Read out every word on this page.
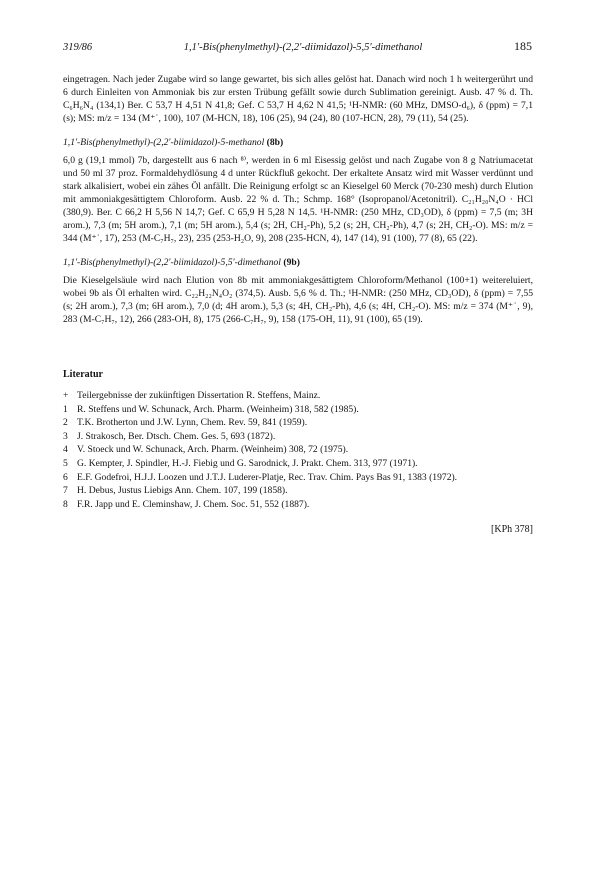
319/86	1,1'-Bis(phenylmethyl)-(2,2'-diimidazol)-5,5'-dimethanol	185

eingetragen. Nach jeder Zugabe wird so lange gewartet, bis sich alles gelöst hat. Danach wird noch 1 h weitergerührt und 6 durch Einleiten von Ammoniak bis zur ersten Trübung gefällt sowie durch Sublimation gereinigt. Ausb. 47 % d. Th. C₆H₆N₄ (134,1) Ber. C 53,7 H 4,51 N 41,8; Gef. C 53,7 H 4,62 N 41,5; ¹H-NMR: (60 MHz, DMSO-d₆), δ (ppm) = 7,1 (s); MS: m/z = 134 (M⁺˙, 100), 107 (M-HCN, 18), 106 (25), 94 (24), 80 (107-HCN, 28), 79 (11), 54 (25).

1,1'-Bis(phenylmethyl)-(2,2'-biimidazol)-5-methanol (8b)

6,0 g (19,1 mmol) 7b, dargestellt aus 6 nach ⁸⁾, werden in 6 ml Eisessig gelöst und nach Zugabe von 8 g Natriumacetat und 50 ml 37 proz. Formaldehydlösung 4 d unter Rückfluß gekocht. Der erkaltete Ansatz wird mit Wasser verdünnt und stark alkalisiert, wobei ein zähes Öl anfällt. Die Reinigung erfolgt sc an Kieselgel 60 Merck (70-230 mesh) durch Elution mit ammoniakgesättigtem Chloroform. Ausb. 22 % d. Th.; Schmp. 168° (Isopropanol/Acetonitril). C₂₁H₂₀N₄O · HCl (380,9). Ber. C 66,2 H 5,56 N 14,7; Gef. C 65,9 H 5,28 N 14,5. ¹H-NMR: (250 MHz, CD₃OD), δ (ppm) = 7,5 (m; 3H arom.), 7,3 (m; 5H arom.), 7,1 (m; 5H arom.), 5,4 (s; 2H, CH₂-Ph), 5,2 (s; 2H, CH₂-Ph), 4,7 (s; 2H, CH₂-O). MS: m/z = 344 (M⁺˙, 17), 253 (M-C₇H₇, 23), 235 (253-H₂O, 9), 208 (235-HCN, 4), 147 (14), 91 (100), 77 (8), 65 (22).

1,1'-Bis(phenylmethyl)-(2,2'-biimidazol)-5,5'-dimethanol (9b)

Die Kieselgelsäule wird nach Elution von 8b mit ammoniakgesättigtem Chloroform/Methanol (100+1) weitereluiert, wobei 9b als Öl erhalten wird. C₂₂H₂₂N₄O₂ (374,5). Ausb. 5,6 % d. Th.; ¹H-NMR: (250 MHz, CD₃OD), δ (ppm) = 7,55 (s; 2H arom.), 7,3 (m; 6H arom.), 7,0 (d; 4H arom.), 5,3 (s; 4H, CH₂-Ph), 4,6 (s; 4H, CH₂-O). MS: m/z = 374 (M⁺˙, 9), 283 (M-C₇H₇, 12), 266 (283-OH, 8), 175 (266-C₇H₇, 9), 158 (175-OH, 11), 91 (100), 65 (19).

Literatur

+ Teilergebnisse der zukünftigen Dissertation R. Steffens, Mainz.
1 R. Steffens und W. Schunack, Arch. Pharm. (Weinheim) 318, 582 (1985).
2 T.K. Brotherton und J.W. Lynn, Chem. Rev. 59, 841 (1959).
3 J. Strakosch, Ber. Dtsch. Chem. Ges. 5, 693 (1872).
4 V. Stoeck und W. Schunack, Arch. Pharm. (Weinheim) 308, 72 (1975).
5 G. Kempter, J. Spindler, H.-J. Fiebig und G. Sarodnick, J. Prakt. Chem. 313, 977 (1971).
6 E.F. Godefroi, H.J.J. Loozen und J.T.J. Luderer-Platje, Rec. Trav. Chim. Pays Bas 91, 1383 (1972).
7 H. Debus, Justus Liebigs Ann. Chem. 107, 199 (1858).
8 F.R. Japp und E. Cleminshaw, J. Chem. Soc. 51, 552 (1887).

[KPh 378]
